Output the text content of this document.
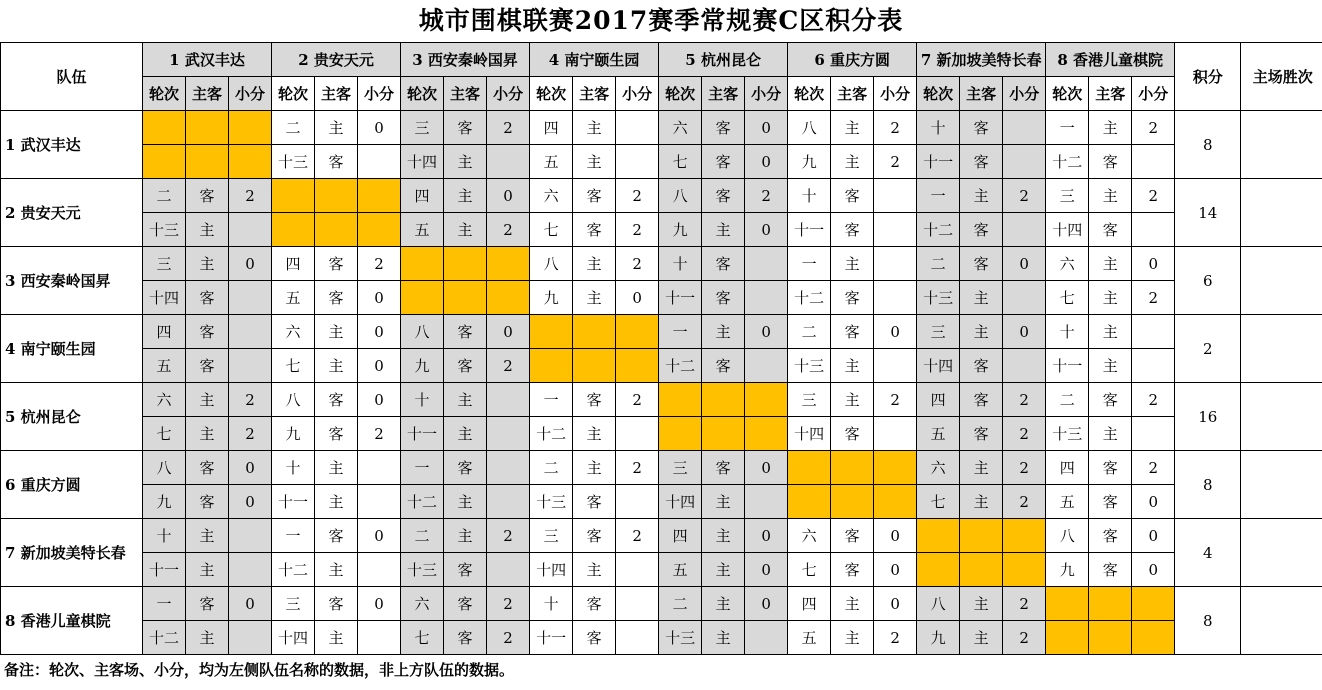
城市围棋联赛2017赛季常规赛C区积分表
队伍	1 武汉丰达			2 贵安天元			3 西安秦岭国昇			4 南宁颐生园			5 杭州昆仑			6 重庆方圆			7 新加坡美特长春			8 香港儿童棋院			积分	主场胜次
	轮次	主客	小分	轮次	主客	小分	轮次	主客	小分	轮次	主客	小分	轮次	主客	小分	轮次	主客	小分	轮次	主客	小分	轮次	主客	小分		
1 武汉丰达				二	主	0	三	客	2	四	主		六	客	0	八	主	2	十	客		一	主	2	8	
				十三	客		十四	主		五	主		七	客	0	九	主	2	十一	客		十二	客			
2 贵安天元	二	客	2				四	主	0	六	客	2	八	客	2	十	客		一	主	2	三	主	2	14	
	十三	主					五	主	2	七	客	2	九	主	0	十一	客		十二	客		十四	客			
3 西安秦岭国昇	三	主	0	四	客	2				八	主	2	十	客		一	主		二	客	0	六	主	0	6	
	十四	客		五	客	0				九	主	0	十一	客		十二	客		十三	主		七	主	2		
4 南宁颐生园	四	客		六	主	0	八	客	0				一	主	0	二	客	0	三	主	0	十	主		2	
	五	客		七	主	0	九	客	2				十二	客		十三	主		十四	客		十一	主			
5 杭州昆仑	六	主	2	八	客	0	十	主		一	客	2				三	主	2	四	客	2	二	客	2	16	
	七	主	2	九	客	2	十一	主		十二	主					十四	客		五	客	2	十三	主			
6 重庆方圆	八	客	0	十	主		一	客		二	主	2	三	客	0				六	主	2	四	客	2	8	
	九	客	0	十一	主		十二	主		十三	客		十四	主					七	主	2	五	客	0		
7 新加坡美特长春	十	主		一	客	0	二	主	2	三	客	2	四	主	0	六	客	0				八	客	0	4	
	十一	主		十二	主		十三	客		十四	主		五	主	0	七	客	0				九	客	0		
8 香港儿童棋院	一	客	0	三	客	0	六	客	2	十	客		二	主	0	四	主	0	八	主	2				8	
	十二	主		十四	主		七	客	2	十一	客		十三	主		五	主	2	九	主	2					
备注：轮次、主客场、小分，均为左侧队伍名称的数据，非上方队伍的数据。
